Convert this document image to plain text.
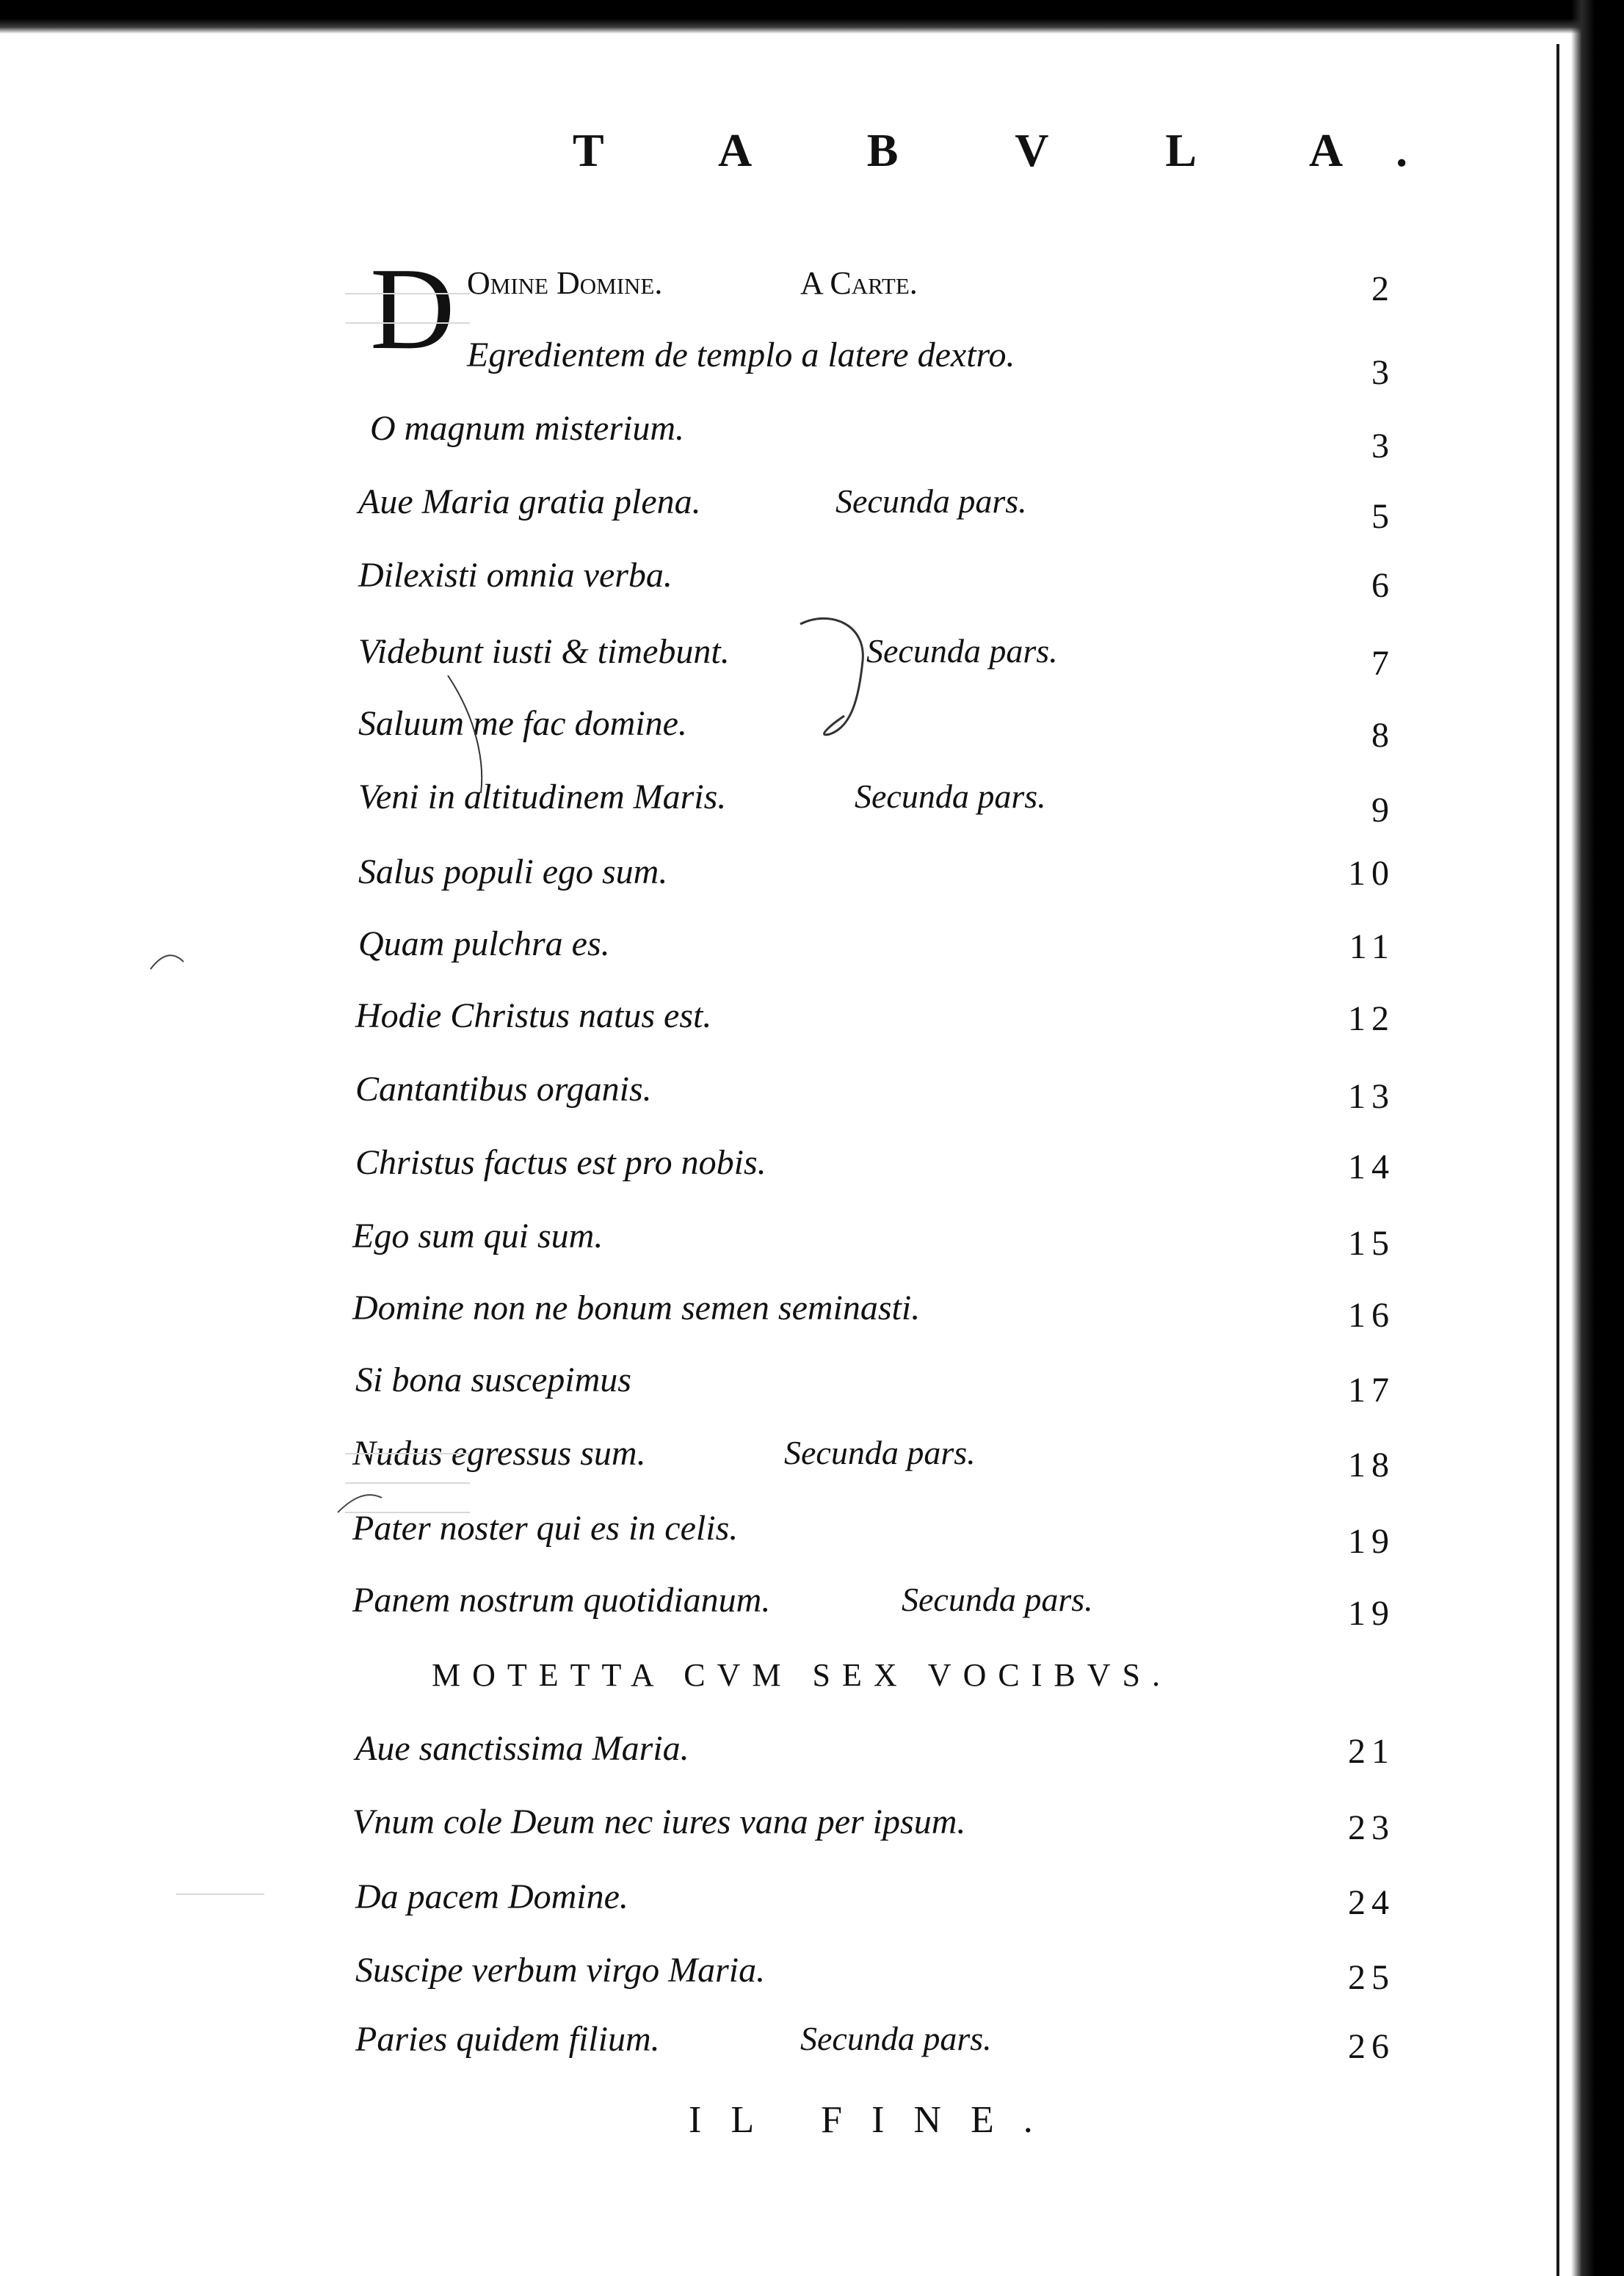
T A B V L A.
D Omine Domine.	A Carte.	2
Egredientem de templo a latere dextro.	3
O magnum misterium.	3
Aue Maria gratia plena.	Secunda pars.	5
Dilexisti omnia verba.	6
Videbunt iusti & timebunt.	Secunda pars.	7
Saluum me fac domine.	8
Veni in altitudinem Maris.	Secunda pars.	9
Salus populi ego sum.	10
Quam pulchra es.	11
Hodie Christus natus est.	12
Cantantibus organis.	13
Christus factus est pro nobis.	14
Ego sum qui sum.	15
Domine non ne bonum semen seminasti.	16
Si bona suscepimus	17
Nudus egressus sum.	Secunda pars.	18
Pater noster qui es in celis.	19
Panem nostrum quotidianum.	Secunda pars.	19
MOTETTA CVM SEX VOCIBVS.
Aue sanctissima Maria.	21
Vnum cole Deum nec iures vana per ipsum.	23
Da pacem Domine.	24
Suscipe verbum virgo Maria.	25
Paries quidem filium.	Secunda pars.	26
IL FINE.
